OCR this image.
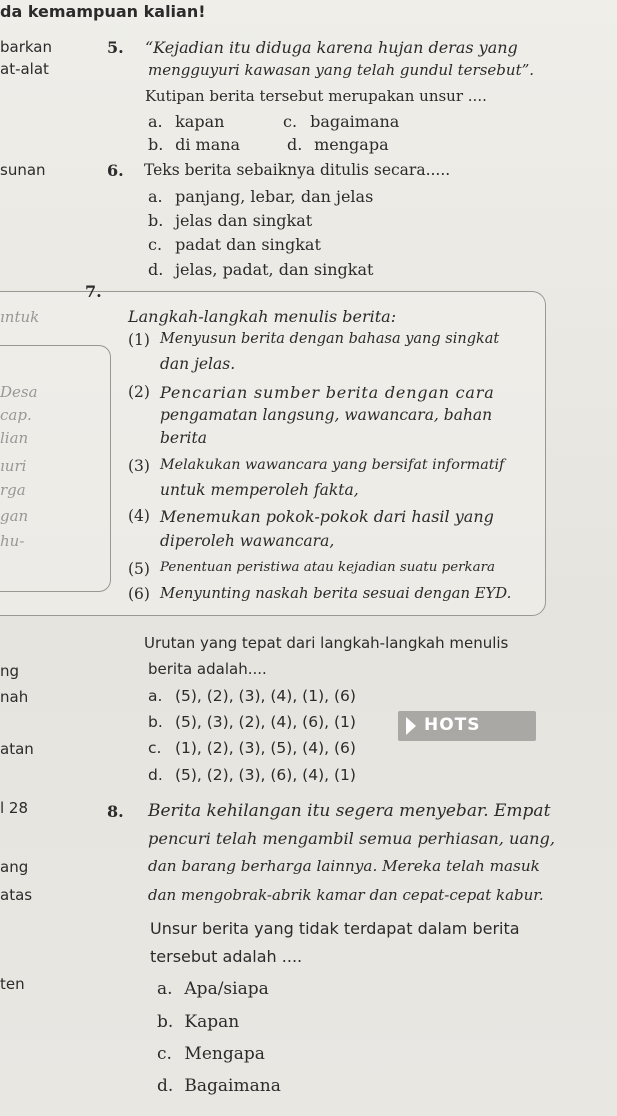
da kemampuan kalian!
barkan
at-alat
sunan
ng
nah
atan
l 28
ang
atas
ten
5. “Kejadian itu diduga karena hujan deras yang
mengguyuri kawasan yang telah gundul tersebut”.
Kutipan berita tersebut merupakan unsur ....
a. kapan	c. bagaimana
b. di mana	d. mengapa
6. Teks berita sebaiknya ditulis secara.....
a. panjang, lebar, dan jelas
b. jelas dan singkat
c. padat dan singkat
d. jelas, padat, dan singkat
7.
Langkah-langkah menulis berita:
(1) Menyusun berita dengan bahasa yang singkat
dan jelas.
(2) Pencarian sumber berita dengan cara
pengamatan langsung, wawancara, bahan
berita
(3) Melakukan wawancara yang bersifat informatif
untuk memperoleh fakta,
(4) Menemukan pokok-pokok dari hasil yang
diperoleh wawancara,
(5) Penentuan peristiwa atau kejadian suatu perkara
(6) Menyunting naskah berita sesuai dengan EYD.
Urutan yang tepat dari langkah-langkah menulis
berita adalah....
a. (5), (2), (3), (4), (1), (6)
b. (5), (3), (2), (4), (6), (1)
c. (1), (2), (3), (5), (4), (6)
d. (5), (2), (3), (6), (4), (1)
HOTS
8. Berita kehilangan itu segera menyebar. Empat
pencuri telah mengambil semua perhiasan, uang,
dan barang berharga lainnya. Mereka telah masuk
dan mengobrak-abrik kamar dan cepat-cepat kabur.
Unsur berita yang tidak terdapat dalam berita
tersebut adalah ....
a. Apa/siapa
b. Kapan
c. Mengapa
d. Bagaimana
